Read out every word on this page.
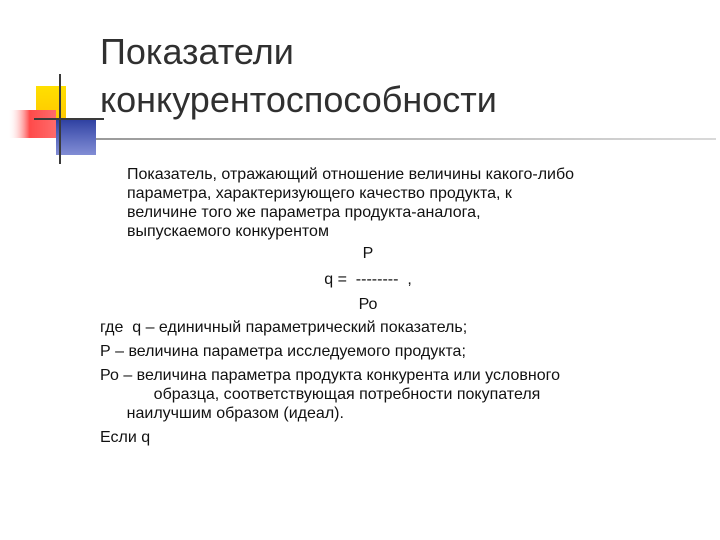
Показатели
конкурентоспособности

Показатель, отражающий отношение величины какого-либо
параметра, характеризующего качество продукта, к
величине того же параметра продукта-аналога,
выпускаемого конкурентом

Р

q =  --------  ,

Ро

где  q – единичный параметрический показатель;

Р – величина параметра исследуемого продукта;

Ро – величина параметра продукта конкурента или условного
образца, соответствующая потребности покупателя
наилучшим образом (идеал).

Если q
